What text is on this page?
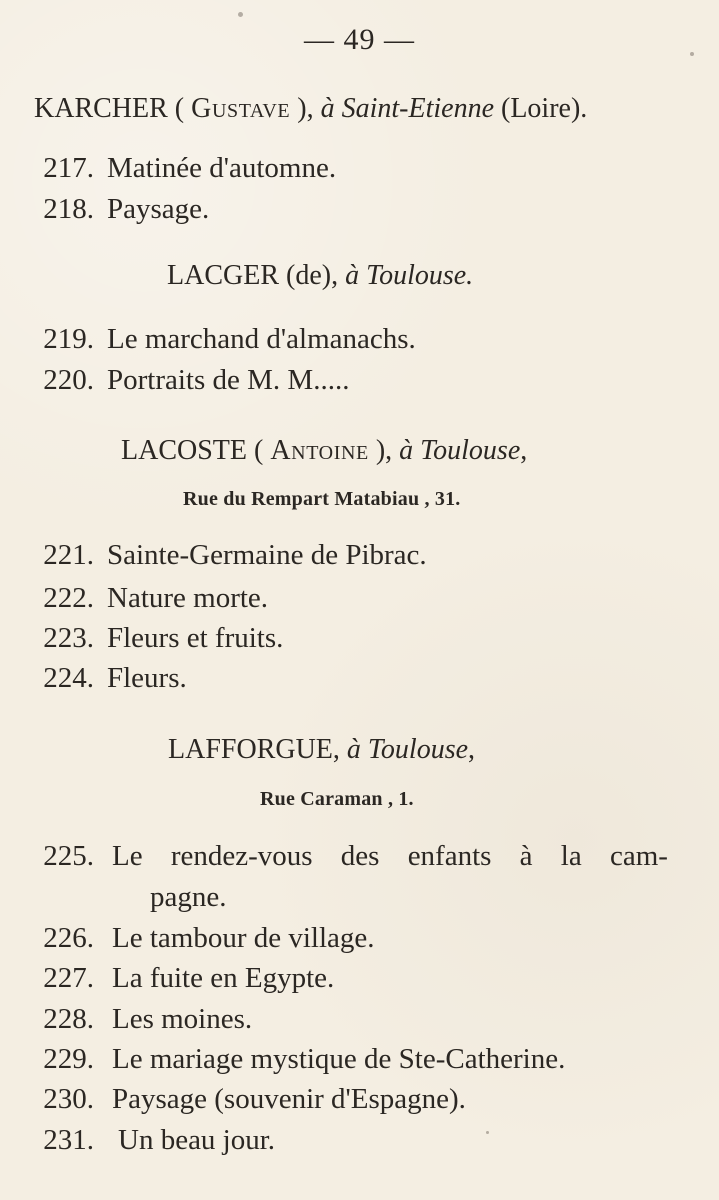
— 49 —
KARCHER ( Gustave ), à Saint-Etienne (Loire).
217. Matinée d'automne.
218. Paysage.
LACGER (de), à Toulouse.
219. Le marchand d'almanachs.
220. Portraits de M. M.....
LACOSTE ( Antoine ), à Toulouse,
Rue du Rempart Matabiau , 31.
221. Sainte-Germaine de Pibrac.
222. Nature morte.
223. Fleurs et fruits.
224. Fleurs.
LAFFORGUE, à Toulouse,
Rue Caraman , 1.
225. Le rendez-vous des enfants à la cam-
pagne.
226. Le tambour de village.
227. La fuite en Egypte.
228. Les moines.
229. Le mariage mystique de Ste-Catherine.
230. Paysage (souvenir d'Espagne).
231. Un beau jour.
